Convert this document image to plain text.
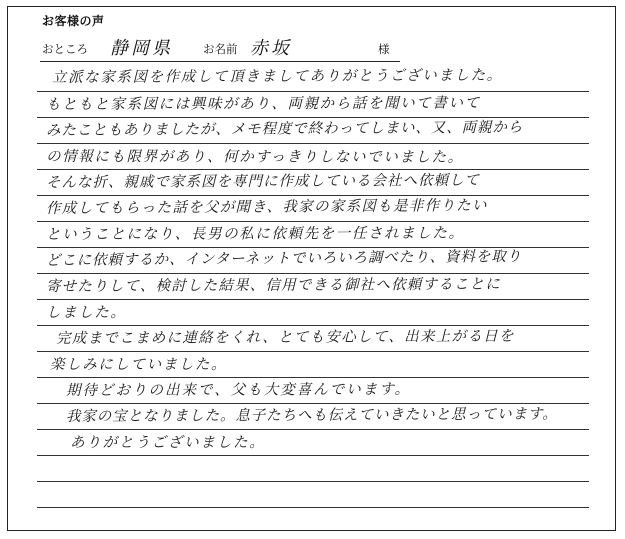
お客様の声
おところ 静岡県	お名前 赤坂	様
立派な家系図を作成して頂きましてありがとうございました。
もともと家系図には興味があり、両親から話を聞いて書いて
みたこともありましたが、メモ程度で終わってしまい、又、両親から
の情報にも限界があり、何かすっきりしないでいました。
そんな折、親戚で家系図を専門に作成している会社へ依頼して
作成してもらった話を父が聞き、我家の家系図も是非作りたい
ということになり、長男の私に依頼先を一任されました。
どこに依頼するか、インターネットでいろいろ調べたり、資料を取り
寄せたりして、検討した結果、信用できる御社へ依頼することに
しました。
完成までこまめに連絡をくれ、とても安心して、出来上がる日を
楽しみにしていました。
期待どおりの出来で、父も大変喜んでいます。
我家の宝となりました。息子たちへも伝えていきたいと思っています。
ありがとうございました。
